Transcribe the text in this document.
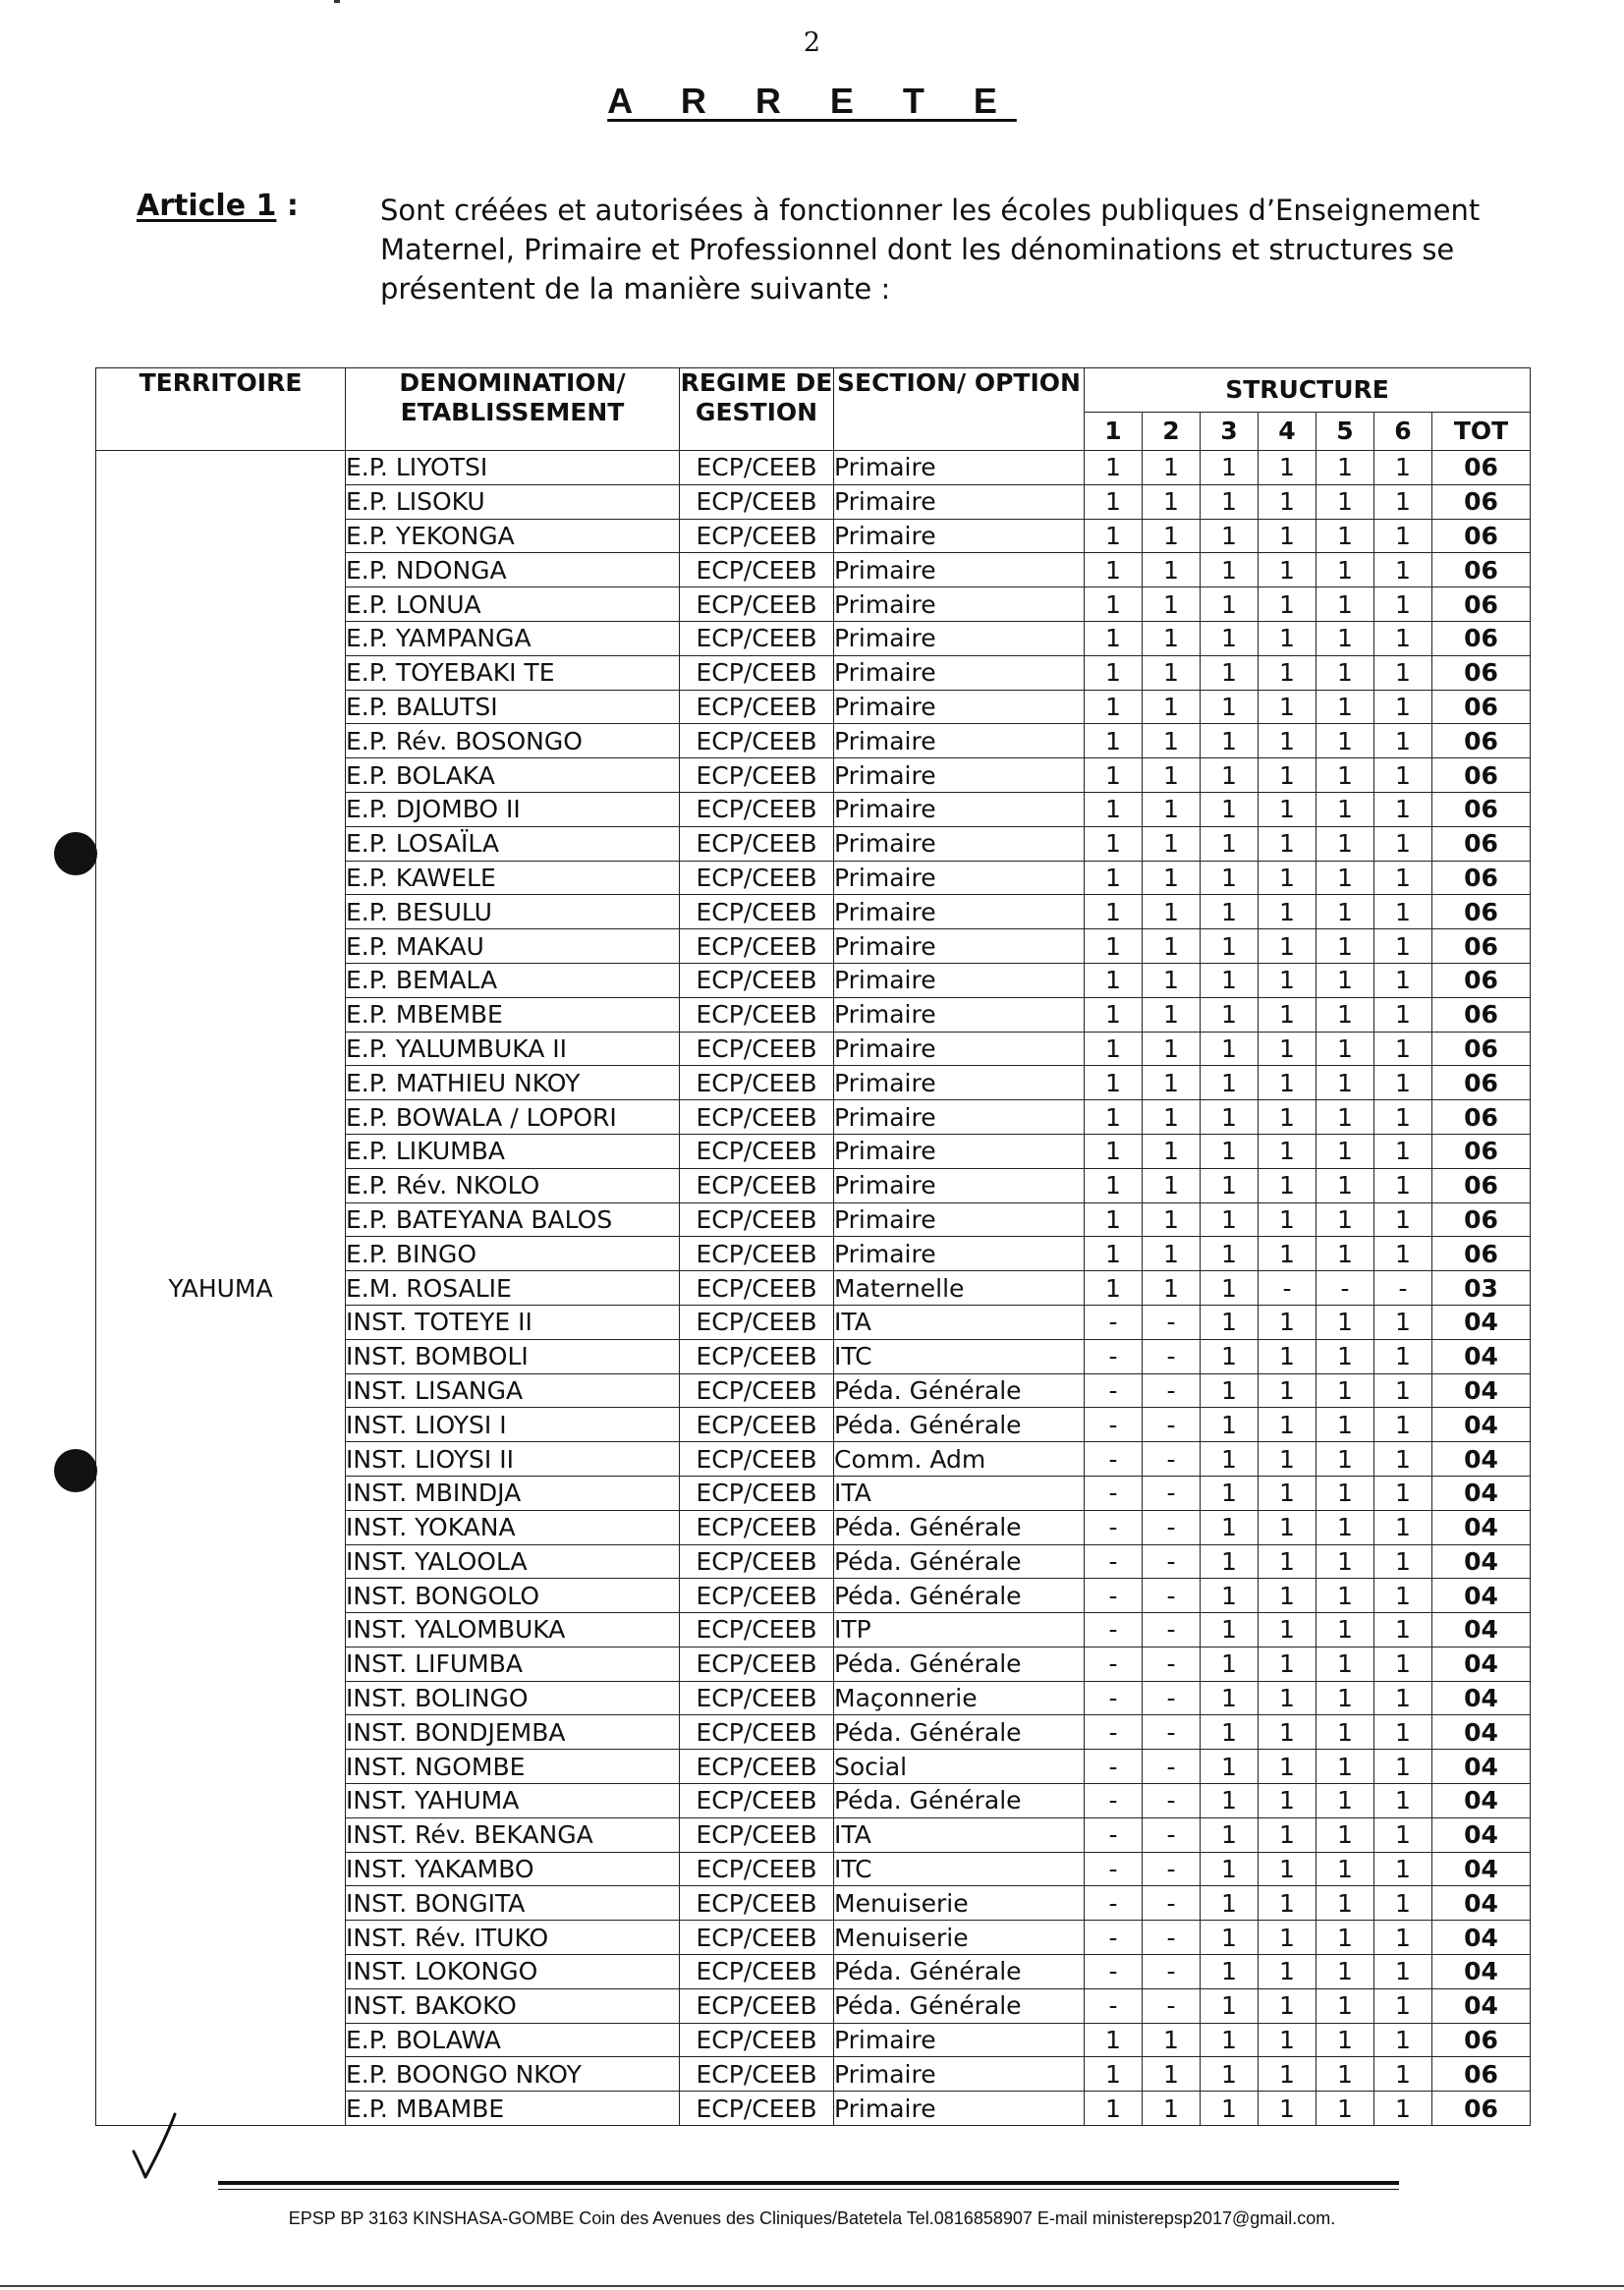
2
A R R E T E
Article 1 :	Sont créées et autorisées à fonctionner les écoles publiques d’Enseignement Maternel, Primaire et Professionnel dont les dénominations et structures se présentent de la manière suivante :
TERRITOIRE	DENOMINATION/ ETABLISSEMENT	REGIME DE GESTION	SECTION/ OPTION	STRUCTURE						
				1	2	3	4	5	6	TOT
YAHUMA	E.P. LIYOTSI	ECP/CEEB	Primaire	1	1	1	1	1	1	06
	E.P. LISOKU	ECP/CEEB	Primaire	1	1	1	1	1	1	06
	E.P. YEKONGA	ECP/CEEB	Primaire	1	1	1	1	1	1	06
	E.P. NDONGA	ECP/CEEB	Primaire	1	1	1	1	1	1	06
	E.P. LONUA	ECP/CEEB	Primaire	1	1	1	1	1	1	06
	E.P. YAMPANGA	ECP/CEEB	Primaire	1	1	1	1	1	1	06
	E.P. TOYEBAKI TE	ECP/CEEB	Primaire	1	1	1	1	1	1	06
	E.P. BALUTSI	ECP/CEEB	Primaire	1	1	1	1	1	1	06
	E.P. Rév. BOSONGO	ECP/CEEB	Primaire	1	1	1	1	1	1	06
	E.P. BOLAKA	ECP/CEEB	Primaire	1	1	1	1	1	1	06
	E.P. DJOMBO II	ECP/CEEB	Primaire	1	1	1	1	1	1	06
	E.P. LOSAÏLA	ECP/CEEB	Primaire	1	1	1	1	1	1	06
	E.P. KAWELE	ECP/CEEB	Primaire	1	1	1	1	1	1	06
	E.P. BESULU	ECP/CEEB	Primaire	1	1	1	1	1	1	06
	E.P. MAKAU	ECP/CEEB	Primaire	1	1	1	1	1	1	06
	E.P. BEMALA	ECP/CEEB	Primaire	1	1	1	1	1	1	06
	E.P. MBEMBE	ECP/CEEB	Primaire	1	1	1	1	1	1	06
	E.P. YALUMBUKA II	ECP/CEEB	Primaire	1	1	1	1	1	1	06
	E.P. MATHIEU NKOY	ECP/CEEB	Primaire	1	1	1	1	1	1	06
	E.P. BOWALA / LOPORI	ECP/CEEB	Primaire	1	1	1	1	1	1	06
	E.P. LIKUMBA	ECP/CEEB	Primaire	1	1	1	1	1	1	06
	E.P. Rév. NKOLO	ECP/CEEB	Primaire	1	1	1	1	1	1	06
	E.P. BATEYANA BALOS	ECP/CEEB	Primaire	1	1	1	1	1	1	06
	E.P. BINGO	ECP/CEEB	Primaire	1	1	1	1	1	1	06
	E.M. ROSALIE	ECP/CEEB	Maternelle	1	1	1	-	-	-	03
	INST. TOTEYE II	ECP/CEEB	ITA	-	-	1	1	1	1	04
	INST. BOMBOLI	ECP/CEEB	ITC	-	-	1	1	1	1	04
	INST. LISANGA	ECP/CEEB	Péda. Générale	-	-	1	1	1	1	04
	INST. LIOYSI I	ECP/CEEB	Péda. Générale	-	-	1	1	1	1	04
	INST. LIOYSI II	ECP/CEEB	Comm. Adm	-	-	1	1	1	1	04
	INST. MBINDJA	ECP/CEEB	ITA	-	-	1	1	1	1	04
	INST. YOKANA	ECP/CEEB	Péda. Générale	-	-	1	1	1	1	04
	INST. YALOOLA	ECP/CEEB	Péda. Générale	-	-	1	1	1	1	04
	INST. BONGOLO	ECP/CEEB	Péda. Générale	-	-	1	1	1	1	04
	INST. YALOMBUKA	ECP/CEEB	ITP	-	-	1	1	1	1	04
	INST. LIFUMBA	ECP/CEEB	Péda. Générale	-	-	1	1	1	1	04
	INST. BOLINGO	ECP/CEEB	Maçonnerie	-	-	1	1	1	1	04
	INST. BONDJEMBA	ECP/CEEB	Péda. Générale	-	-	1	1	1	1	04
	INST. NGOMBE	ECP/CEEB	Social	-	-	1	1	1	1	04
	INST. YAHUMA	ECP/CEEB	Péda. Générale	-	-	1	1	1	1	04
	INST. Rév. BEKANGA	ECP/CEEB	ITA	-	-	1	1	1	1	04
	INST. YAKAMBO	ECP/CEEB	ITC	-	-	1	1	1	1	04
	INST. BONGITA	ECP/CEEB	Menuiserie	-	-	1	1	1	1	04
	INST. Rév. ITUKO	ECP/CEEB	Menuiserie	-	-	1	1	1	1	04
	INST. LOKONGO	ECP/CEEB	Péda. Générale	-	-	1	1	1	1	04
	INST. BAKOKO	ECP/CEEB	Péda. Générale	-	-	1	1	1	1	04
	E.P. BOLAWA	ECP/CEEB	Primaire	1	1	1	1	1	1	06
	E.P. BOONGO NKOY	ECP/CEEB	Primaire	1	1	1	1	1	1	06
	E.P. MBAMBE	ECP/CEEB	Primaire	1	1	1	1	1	1	06
EPSP BP 3163 KINSHASA-GOMBE Coin des Avenues des Cliniques/Batetela Tel.0816858907 E-mail ministerepsp2017@gmail.com.
